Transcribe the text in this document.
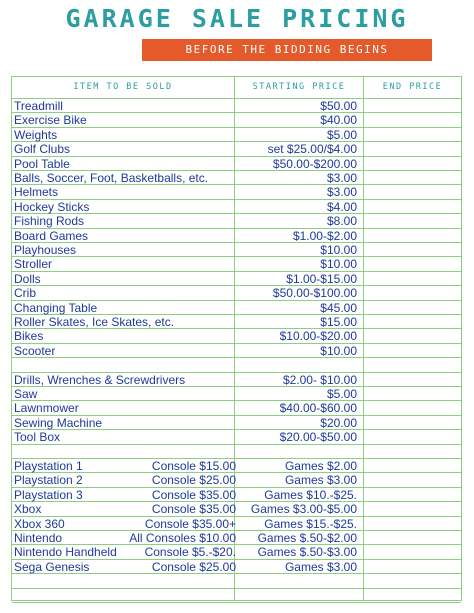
GARAGE SALE PRICING
BEFORE THE BIDDING BEGINS
ITEM TO BE SOLD	STARTING PRICE	END PRICE
Treadmill	$50.00
Exercise Bike	$40.00
Weights	$5.00
Golf Clubs	set $25.00/$4.00
Pool Table	$50.00-$200.00
Balls, Soccer, Foot, Basketballs, etc.	$3.00
Helmets	$3.00
Hockey Sticks	$4.00
Fishing Rods	$8.00
Board Games	$1.00-$2.00
Playhouses	$10.00
Stroller	$10.00
Dolls	$1.00-$15.00
Crib	$50.00-$100.00
Changing Table	$45.00
Roller Skates, Ice Skates, etc.	$15.00
Bikes	$10.00-$20.00
Scooter	$10.00
Drills, Wrenches & Screwdrivers	$2.00- $10.00
Saw	$5.00
Lawnmower	$40.00-$60.00
Sewing Machine	$20.00
Tool Box	$20.00-$50.00
Playstation 1	Console $15.00	Games $2.00
Playstation 2	Console $25.00	Games $3.00
Playstation 3	Console $35.00 Games $10.-$25.
Xbox	Console $35.00 Games $3.00-$5.00
Xbox 360	Console $35.00+ Games $15.-$25.
Nintendo	All Consoles $10.00 Games $.50-$2.00
Nintendo Handheld Console $5.-$20. Games $.50-$3.00
Sega Genesis	Console $25.00	Games $3.00
